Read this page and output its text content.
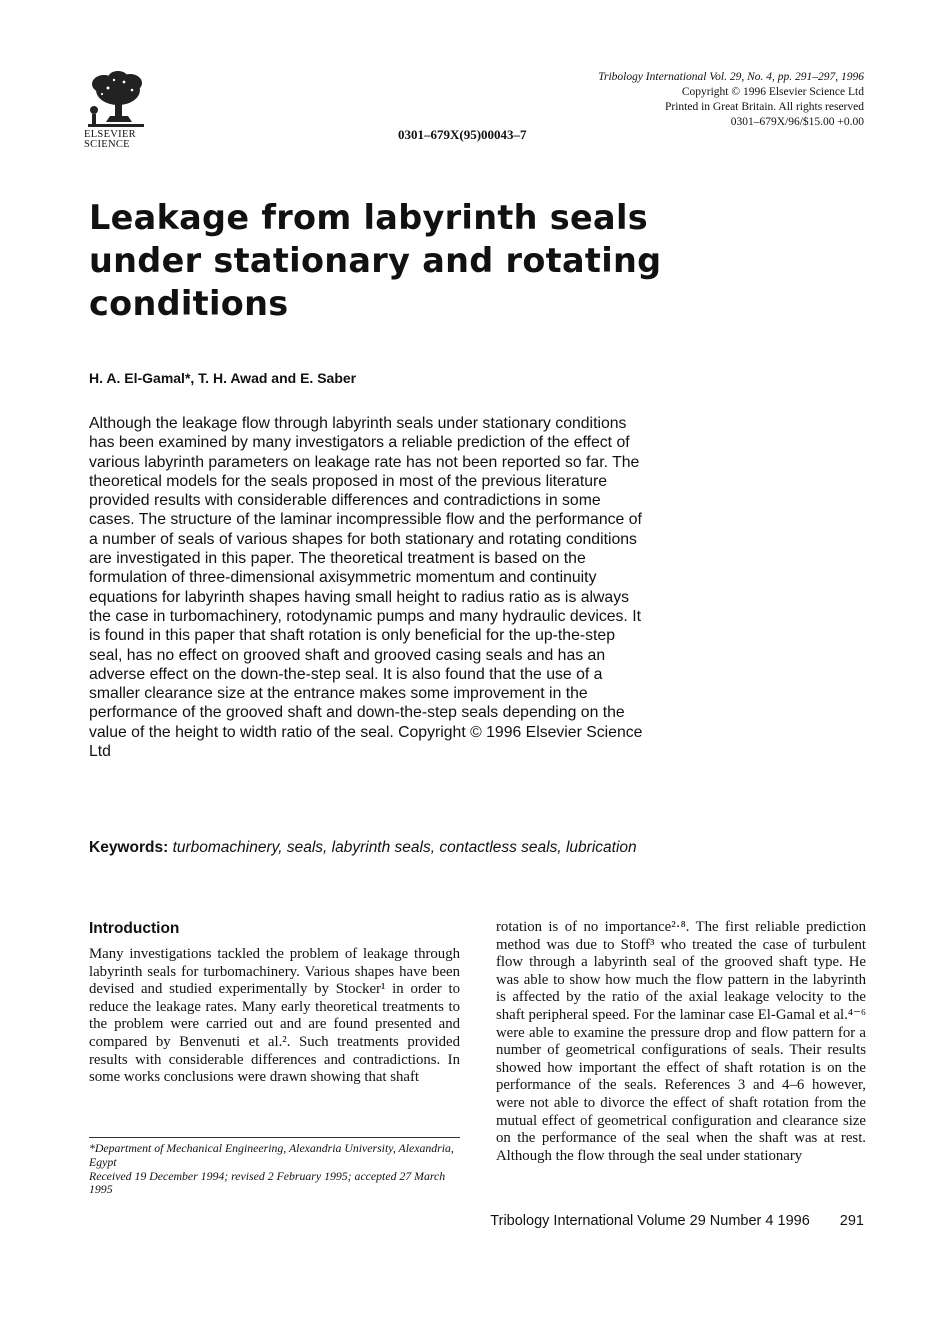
ELSEVIER
SCIENCE
0301–679X(95)00043–7
Tribology International Vol. 29, No. 4, pp. 291–297, 1996
Copyright © 1996 Elsevier Science Ltd
Printed in Great Britain. All rights reserved
0301–679X/96/$15.00 +0.00
Leakage from labyrinth seals under stationary and rotating conditions
H. A. El-Gamal*, T. H. Awad and E. Saber
Although the leakage flow through labyrinth seals under stationary conditions has been examined by many investigators a reliable prediction of the effect of various labyrinth parameters on leakage rate has not been reported so far. The theoretical models for the seals proposed in most of the previous literature provided results with considerable differences and contradictions in some cases. The structure of the laminar incompressible flow and the performance of a number of seals of various shapes for both stationary and rotating conditions are investigated in this paper. The theoretical treatment is based on the formulation of three-dimensional axisymmetric momentum and continuity equations for labyrinth shapes having small height to radius ratio as is always the case in turbomachinery, rotodynamic pumps and many hydraulic devices. It is found in this paper that shaft rotation is only beneficial for the up-the-step seal, has no effect on grooved shaft and grooved casing seals and has an adverse effect on the down-the-step seal. It is also found that the use of a smaller clearance size at the entrance makes some improvement in the performance of the grooved shaft and down-the-step seals depending on the value of the height to width ratio of the seal. Copyright © 1996 Elsevier Science Ltd
Keywords: turbomachinery, seals, labyrinth seals, contactless seals, lubrication
Introduction

Many investigations tackled the problem of leakage through labyrinth seals for turbomachinery. Various shapes have been devised and studied experimentally by Stocker¹ in order to reduce the leakage rates. Many early theoretical treatments to the problem were carried out and are found presented and compared by Benvenuti et al.². Such treatments provided results with considerable differences and contradictions. In some works conclusions were drawn showing that shaft

rotation is of no importance²·⁸. The first reliable prediction method was due to Stoff³ who treated the case of turbulent flow through a labyrinth seal of the grooved shaft type. He was able to show how much the flow pattern in the labyrinth is affected by the ratio of the axial leakage velocity to the shaft peripheral speed. For the laminar case El-Gamal et al.⁴⁻⁶ were able to examine the pressure drop and flow pattern for a number of geometrical configurations of seals. Their results showed how important the effect of shaft rotation is on the performance of the seals. References 3 and 4–6 however, were not able to divorce the effect of shaft rotation from the mutual effect of geometrical configuration and clearance size on the performance of the seal when the shaft was at rest. Although the flow through the seal under stationary

*Department of Mechanical Engineering, Alexandria University, Alexandria, Egypt
Received 19 December 1994; revised 2 February 1995; accepted 27 March 1995
Tribology International Volume 29 Number 4 1996 291
